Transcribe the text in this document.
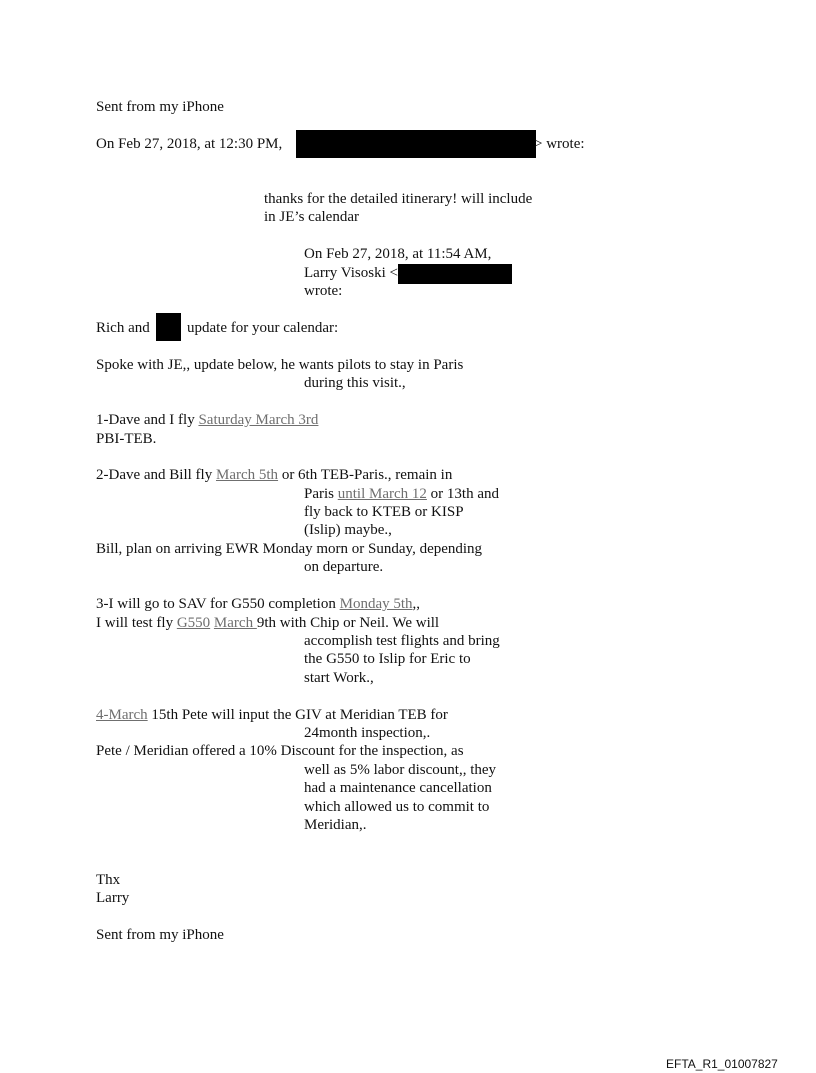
Sent from my iPhone
On Feb 27, 2018, at 12:30 PM,	> wrote:
thanks for the detailed itinerary! will include
in JE’s calendar
On Feb 27, 2018, at 11:54 AM,
Larry Visoski <
wrote:
Rich and update for your calendar:
Spoke with JE,, update below, he wants pilots to stay in Paris
during this visit.,
1-Dave and I fly Saturday March 3rd
PBI-TEB.
2-Dave and Bill fly March 5th or 6th TEB-Paris., remain in
Paris until March 12 or 13th and
fly back to KTEB or KISP
(Islip) maybe.,
Bill, plan on arriving EWR Monday morn or Sunday, depending
on departure.
3-I will go to SAV for G550 completion Monday 5th,,
I will test fly G550 March 9th with Chip or Neil. We will
accomplish test flights and bring
the G550 to Islip for Eric to
start Work.,
4-March 15th Pete will input the GIV at Meridian TEB for
24month inspection,.
Pete / Meridian offered a 10% Discount for the inspection, as
well as 5% labor discount,, they
had a maintenance cancellation
which allowed us to commit to
Meridian,.
Thx
Larry
Sent from my iPhone
EFTA_R1_01007827
